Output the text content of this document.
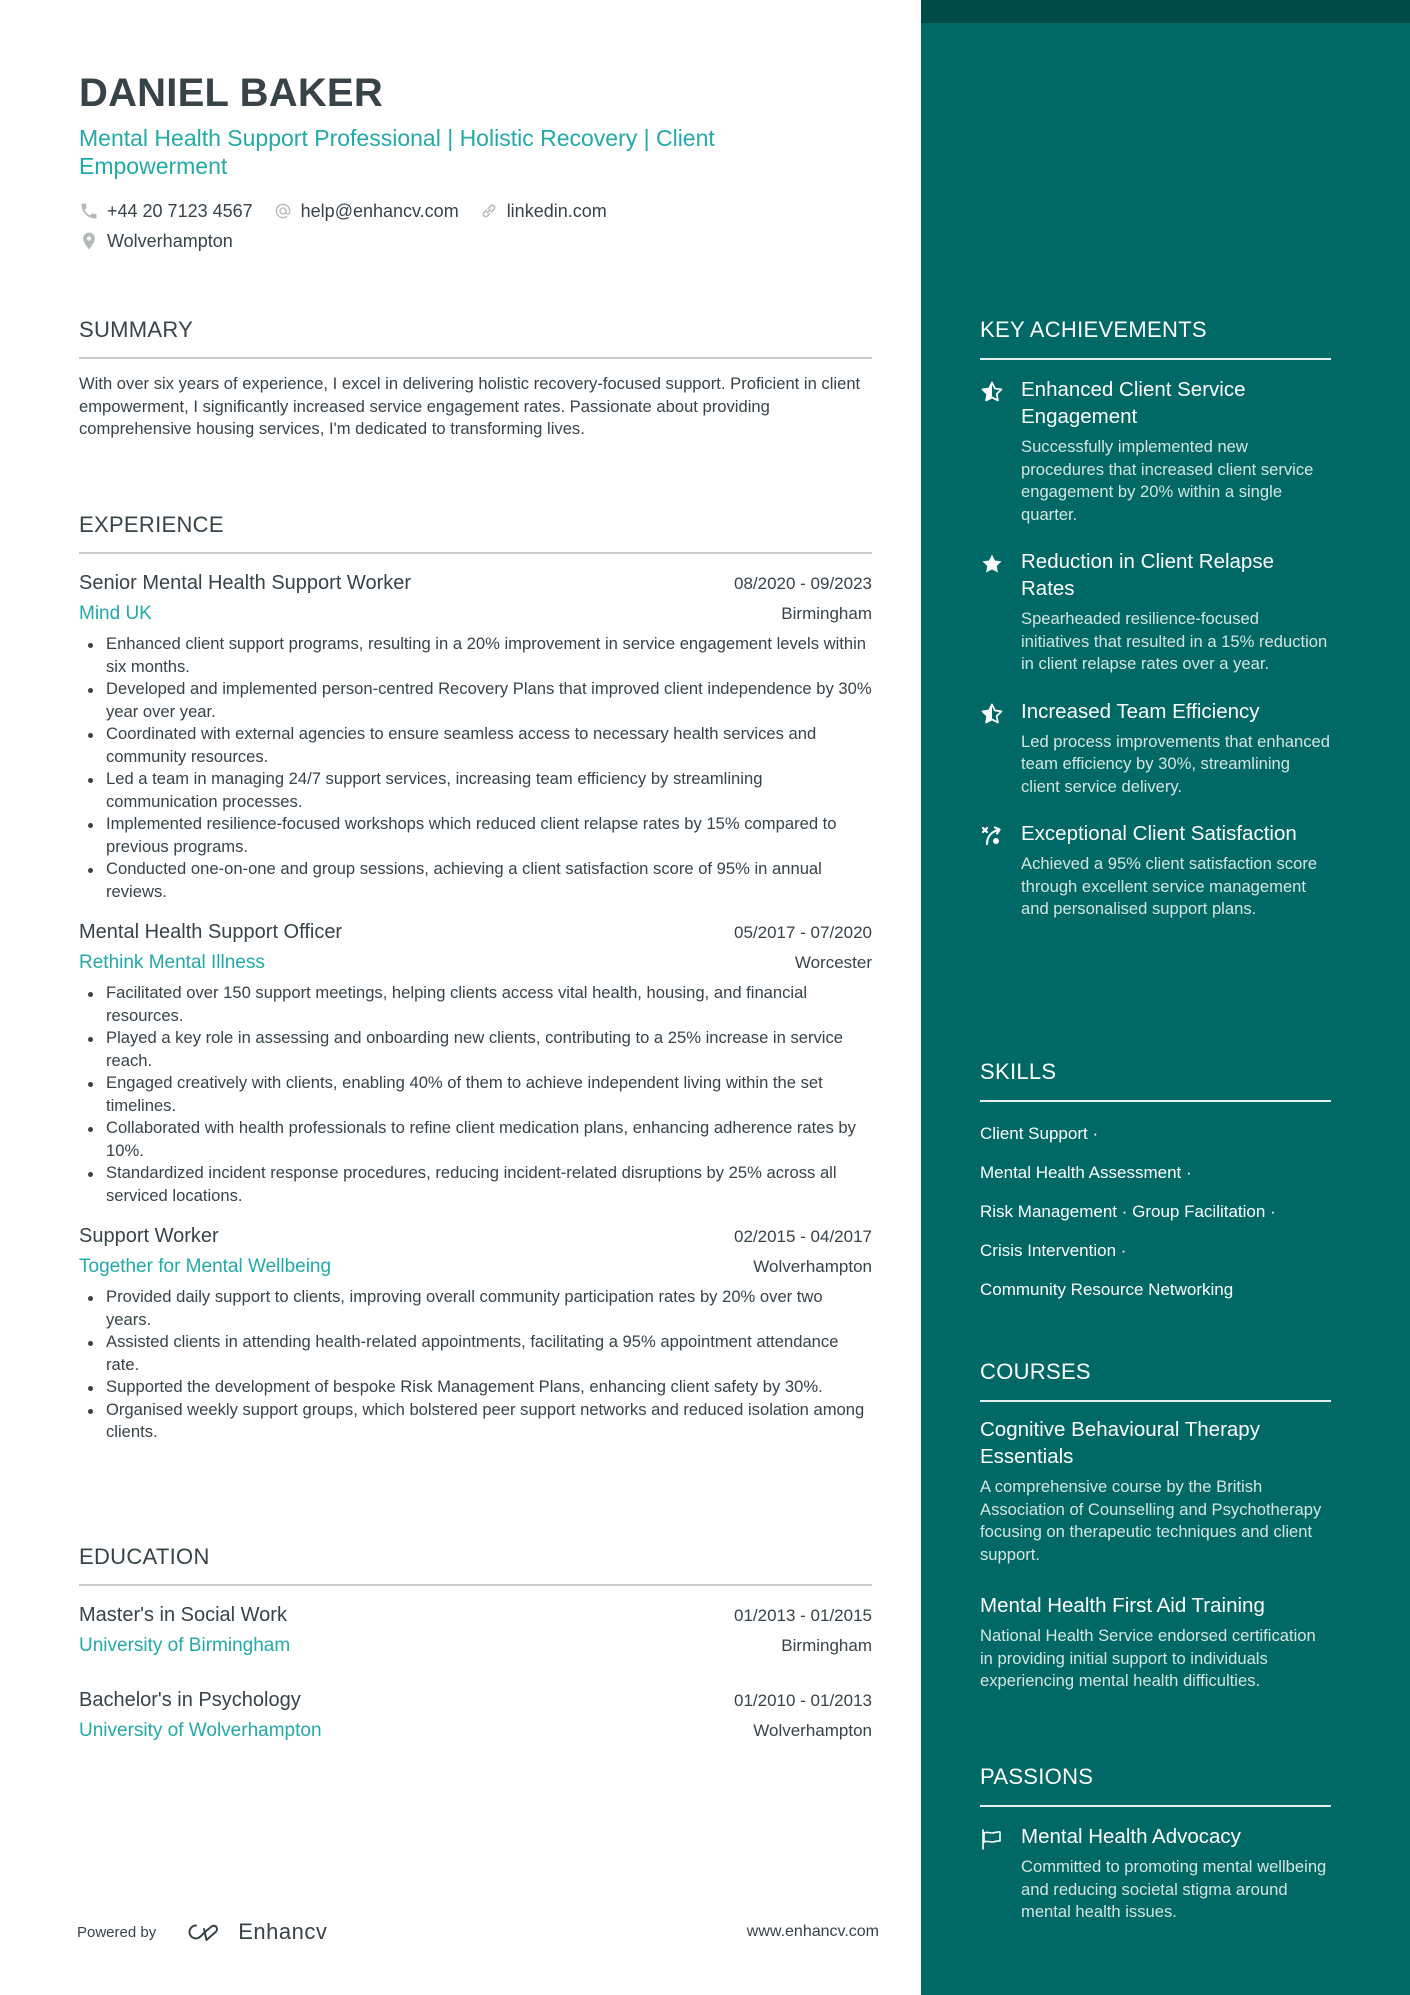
DANIEL BAKER
Mental Health Support Professional | Holistic Recovery | Client Empowerment
+44 20 7123 4567	help@enhancv.com	linkedin.com
Wolverhampton
SUMMARY

With over six years of experience, I excel in delivering holistic recovery-focused support. Proficient in client empowerment, I significantly increased service engagement rates. Passionate about providing comprehensive housing services, I'm dedicated to transforming lives.

EXPERIENCE
Senior Mental Health Support Worker	08/2020 - 09/2023
Mind UK	Birmingham
Enhanced client support programs, resulting in a 20% improvement in service engagement levels within six months.
Developed and implemented person-centred Recovery Plans that improved client independence by 30% year over year.
Coordinated with external agencies to ensure seamless access to necessary health services and community resources.
Led a team in managing 24/7 support services, increasing team efficiency by streamlining communication processes.
Implemented resilience-focused workshops which reduced client relapse rates by 15% compared to previous programs.
Conducted one-on-one and group sessions, achieving a client satisfaction score of 95% in annual reviews.
Mental Health Support Officer	05/2017 - 07/2020
Rethink Mental Illness	Worcester
Facilitated over 150 support meetings, helping clients access vital health, housing, and financial resources.
Played a key role in assessing and onboarding new clients, contributing to a 25% increase in service reach.
Engaged creatively with clients, enabling 40% of them to achieve independent living within the set timelines.
Collaborated with health professionals to refine client medication plans, enhancing adherence rates by 10%.
Standardized incident response procedures, reducing incident-related disruptions by 25% across all serviced locations.
Support Worker	02/2015 - 04/2017
Together for Mental Wellbeing	Wolverhampton
Provided daily support to clients, improving overall community participation rates by 20% over two years.
Assisted clients in attending health-related appointments, facilitating a 95% appointment attendance rate.
Supported the development of bespoke Risk Management Plans, enhancing client safety by 30%.
Organised weekly support groups, which bolstered peer support networks and reduced isolation among clients.
EDUCATION
Master's in Social Work	01/2013 - 01/2015
University of Birmingham	Birmingham
Bachelor's in Psychology	01/2010 - 01/2013
University of Wolverhampton	Wolverhampton
Powered by	Enhancv	www.enhancv.com
KEY ACHIEVEMENTS
Enhanced Client Service Engagement
Successfully implemented new procedures that increased client service engagement by 20% within a single quarter.
Reduction in Client Relapse Rates
Spearheaded resilience-focused initiatives that resulted in a 15% reduction in client relapse rates over a year.
Increased Team Efficiency
Led process improvements that enhanced team efficiency by 30%, streamlining client service delivery.
Exceptional Client Satisfaction
Achieved a 95% client satisfaction score through excellent service management and personalised support plans.
SKILLS
Client Support ·
Mental Health Assessment ·
Risk Management · Group Facilitation ·
Crisis Intervention ·
Community Resource Networking
COURSES
Cognitive Behavioural Therapy Essentials
A comprehensive course by the British Association of Counselling and Psychotherapy focusing on therapeutic techniques and client support.
Mental Health First Aid Training
National Health Service endorsed certification in providing initial support to individuals experiencing mental health difficulties.
PASSIONS
Mental Health Advocacy
Committed to promoting mental wellbeing and reducing societal stigma around mental health issues.
